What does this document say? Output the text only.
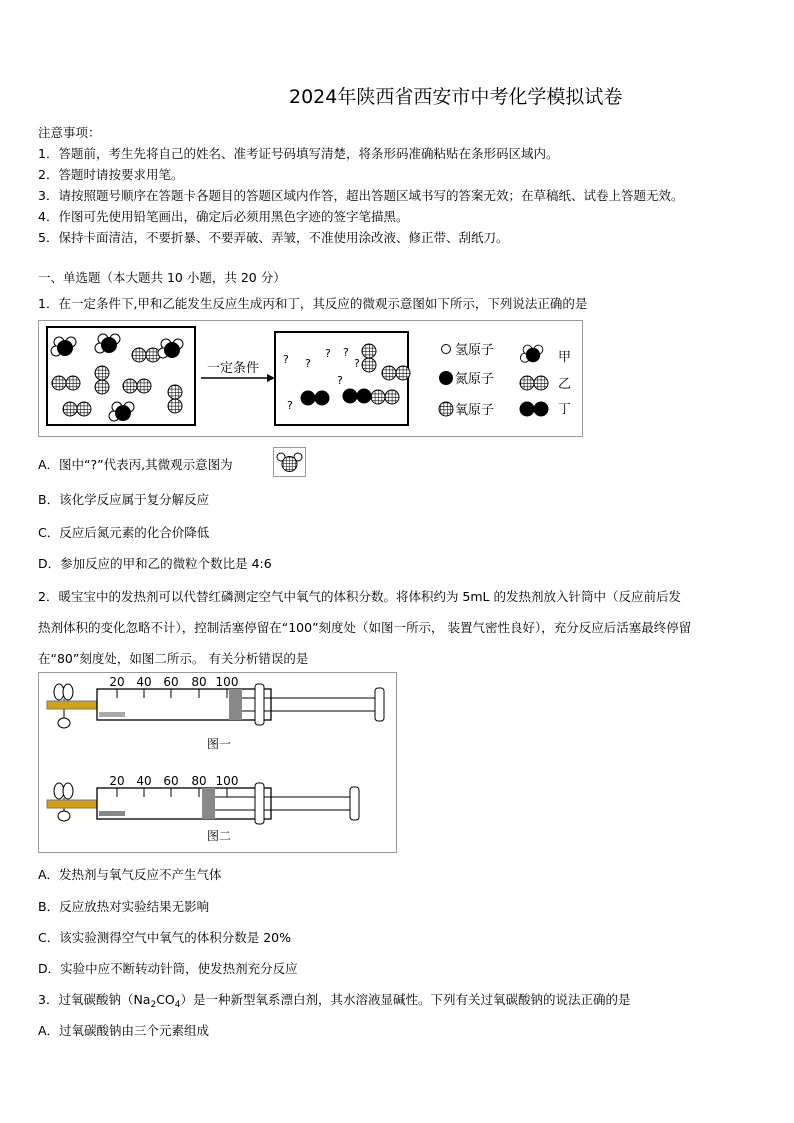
2024年陕西省西安市中考化学模拟试卷
注意事项：
1．答题前，考生先将自己的姓名、准考证号码填写清楚，将条形码准确粘贴在条形码区域内。
2．答题时请按要求用笔。
3．请按照题号顺序在答题卡各题目的答题区域内作答，超出答题区域书写的答案无效；在草稿纸、试卷上答题无效。
4．作图可先使用铅笔画出，确定后必须用黑色字迹的签字笔描黑。
5．保持卡面清洁，不要折暴、不要弄破、弄皱，不准使用涂改液、修正带、刮纸刀。
一、单选题（本大题共 10 小题，共 20 分）
1．在一定条件下,甲和乙能发生反应生成丙和丁，其反应的微观示意图如下所示，下列说法正确的是
一定条件
? ?
? ?
?
?
?
氢原子
氮原子
氧原子
甲
乙
丁
A．图中“?”代表丙,其微观示意图为
B．该化学反应属于复分解反应
C．反应后氮元素的化合价降低
D．参加反应的甲和乙的微粒个数比是 4:6
2．暖宝宝中的发热剂可以代替红磷测定空气中氧气的体积分数。将体积约为 5mL 的发热剂放入针筒中（反应前后发
热剂体积的变化忽略不计），控制活塞停留在“100”刻度处（如图一所示， 装置气密性良好），充分反应后活塞最终停留
在“80”刻度处，如图二所示。 有关分析错误的是
20 40 60 80 100
图一
20 40 60 80 100
图二
A．发热剂与氧气反应不产生气体
B．反应放热对实验结果无影响
C．该实验测得空气中氧气的体积分数是 20%
D．实验中应不断转动针筒，使发热剂充分反应
3．过氧碳酸钠$(Na_2CO_4)$是一种新型氧系漂白剂，其水溶液显碱性。下列有关过氧碳酸钠的说法正确的是
A．过氧碳酸钠由三个元素组成
